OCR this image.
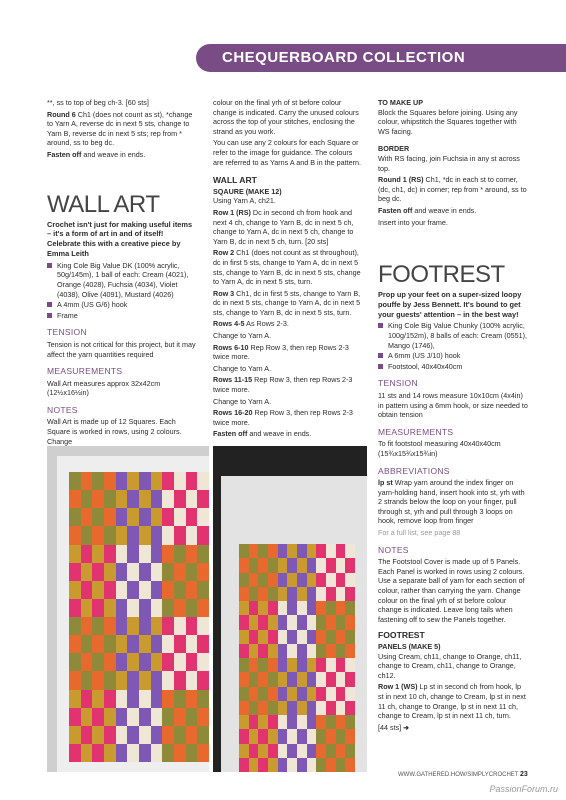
CHEQUERBOARD COLLECTION

**, ss to top of beg ch-3. [60 sts]

Round 6 Ch1 (does not count as st), *change to Yarn A, reverse dc in next 5 sts, change to Yarn B, reverse dc in next 5 sts; rep from * around, ss to beg dc.

Fasten off and weave in ends.

WALL ART

Crochet isn't just for making useful items – it's a form of art in and of itself! Celebrate this with a creative piece by Emma Leith

King Cole Big Value DK (100% acrylic, 50g/145m), 1 ball of each: Cream (4021), Orange (4028), Fuchsia (4034), Violet (4038), Olive (4091), Mustard (4026)
A 4mm (US G/6) hook
Frame
TENSION

Tension is not critical for this project, but it may affect the yarn quantities required

MEASUREMENTS

Wall Art measures approx 32x42cm (12½x16½in)

NOTES

Wall Art is made up of 12 Squares. Each Square is worked in rows, using 2 colours. Change

colour on the final yrh of st before colour change is indicated. Carry the unused colours across the top of your stitches, enclosing the strand as you work.

You can use any 2 colours for each Square or refer to the image for guidance. The colours are referred to as Yarns A and B in the pattern.

WALL ART
SQAURE (MAKE 12)

Using Yarn A, ch21.

Row 1 (RS) Dc in second ch from hook and next 4 ch, change to Yarn B, dc in next 5 ch, change to Yarn A, dc in next 5 ch, change to Yarn B, dc in next 5 ch, turn. [20 sts]

Row 2 Ch1 (does not count as st throughout), dc in first 5 sts, change to Yarn A, dc in next 5 sts, change to Yarn B, dc in next 5 sts, change to Yarn A, dc in next 5 sts, turn.

Row 3 Ch1, dc in first 5 sts, change to Yarn B, dc in next 5 sts, change to Yarn A, dc in next 5 sts, change to Yarn B, dc in next 5 sts, turn.

Rows 4-5 As Rows 2-3.

Change to Yarn A.

Rows 6-10 Rep Row 3, then rep Rows 2-3 twice more.

Change to Yarn A.

Rows 11-15 Rep Row 3, then rep Rows 2-3 twice more.

Change to Yarn A.

Rows 16-20 Rep Row 3, then rep Rows 2-3 twice more.

Fasten off and weave in ends.

TO MAKE UP

Block the Squares before joining. Using any colour, whipstitch the Squares together with WS facing.

BORDER

With RS facing, join Fuchsia in any st across top.

Round 1 (RS) Ch1, *dc in each st to corner, (dc, ch1, dc) in corner; rep from * around, ss to beg dc.

Fasten off and weave in ends.

Insert into your frame.

FOOTREST

Prop up your feet on a super-sized loopy pouffe by Jess Bennett. It's bound to get your guests' attention – in the best way!

King Cole Big Value Chunky (100% acrylic, 100g/152m), 8 balls of each: Cream (0551), Mango (1746),
A 6mm (US J/10) hook
Footstool, 40x40x40cm
TENSION

11 sts and 14 rows measure 10x10cm (4x4in) in pattern using a 6mm hook, or size needed to obtain tension

MEASUREMENTS

To fit footstool measuring 40x40x40cm (15¾x15¾x15¾in)

ABBREVIATIONS

lp st Wrap yarn around the index finger on yarn-holding hand, insert hook into st, yrh with 2 strands below the loop on your finger, pull through st, yrh and pull through 3 loops on hook, remove loop from finger

For a full list, see page 88

NOTES

The Footstool Cover is made up of 5 Panels. Each Panel is worked in rows using 2 colours. Use a separate ball of yarn for each section of colour, rather than carrying the yarn. Change colour on the final yrh of st before colour change is indicated. Leave long tails when fastening off to sew the Panels together.

FOOTREST
PANELS (MAKE 5)

Using Cream, ch11, change to Orange, ch11, change to Cream, ch11, change to Orange, ch12.

Row 1 (WS) Lp st in second ch from hook, lp st in next 10 ch, change to Cream, lp st in next 11 ch, change to Orange, lp st in next 11 ch, change to Cream, lp st in next 11 ch, turn.

[44 sts] ➜

WWW.GATHERED.HOW/SIMPLYCROCHET 23
PassionForum.ru
